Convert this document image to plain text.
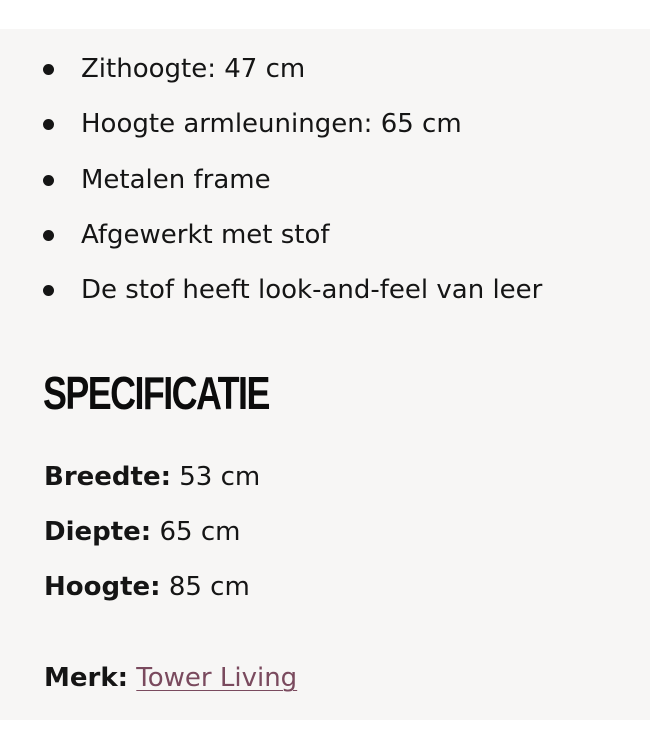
Zithoogte: 47 cm
Hoogte armleuningen: 65 cm
Metalen frame
Afgewerkt met stof
De stof heeft look-and-feel van leer
SPECIFICATIE
Breedte: 53 cm
Diepte: 65 cm
Hoogte: 85 cm
Merk: Tower Living
